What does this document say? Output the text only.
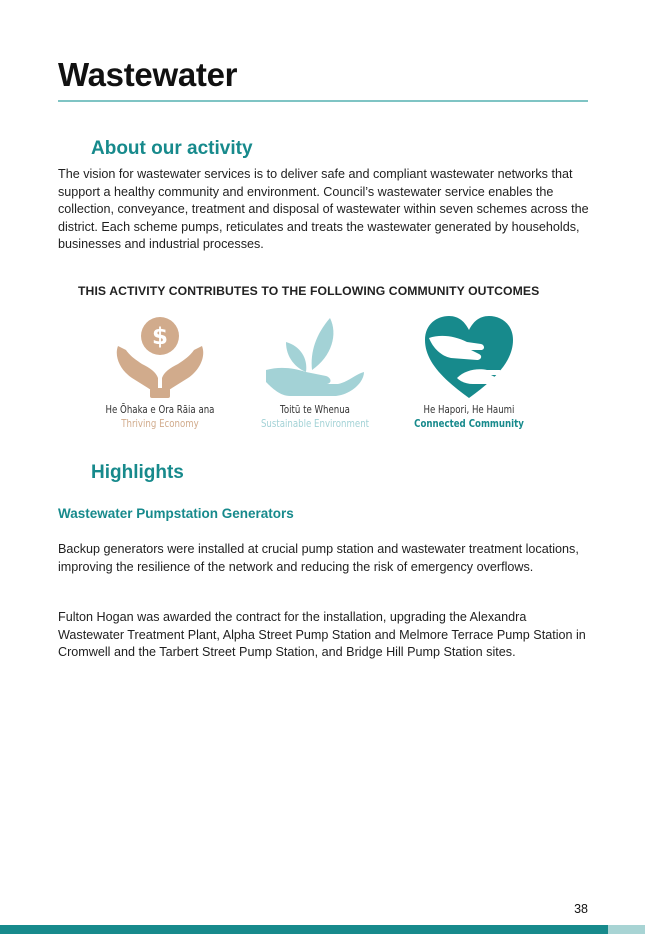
Wastewater
About our activity

The vision for wastewater services is to deliver safe and compliant wastewater networks that support a healthy community and environment. Council’s wastewater service enables the collection, conveyance, treatment and disposal of wastewater within seven schemes across the district. Each scheme pumps, reticulates and treats the wastewater generated by households, businesses and industrial processes.

THIS ACTIVITY CONTRIBUTES TO THE FOLLOWING COMMUNITY OUTCOMES
$
He Ōhaka e Ora Rāia ana
Thriving Economy
Toitū te Whenua
Sustainable Environment
He Hapori, He Haumi
Connected Community
Highlights
Wastewater Pumpstation Generators

Backup generators were installed at crucial pump station and wastewater treatment locations, improving the resilience of the network and reducing the risk of emergency overflows.

Fulton Hogan was awarded the contract for the installation, upgrading the Alexandra Wastewater Treatment Plant, Alpha Street Pump Station and Melmore Terrace Pump Station in Cromwell and the Tarbert Street Pump Station, and Bridge Hill Pump Station sites.

38
